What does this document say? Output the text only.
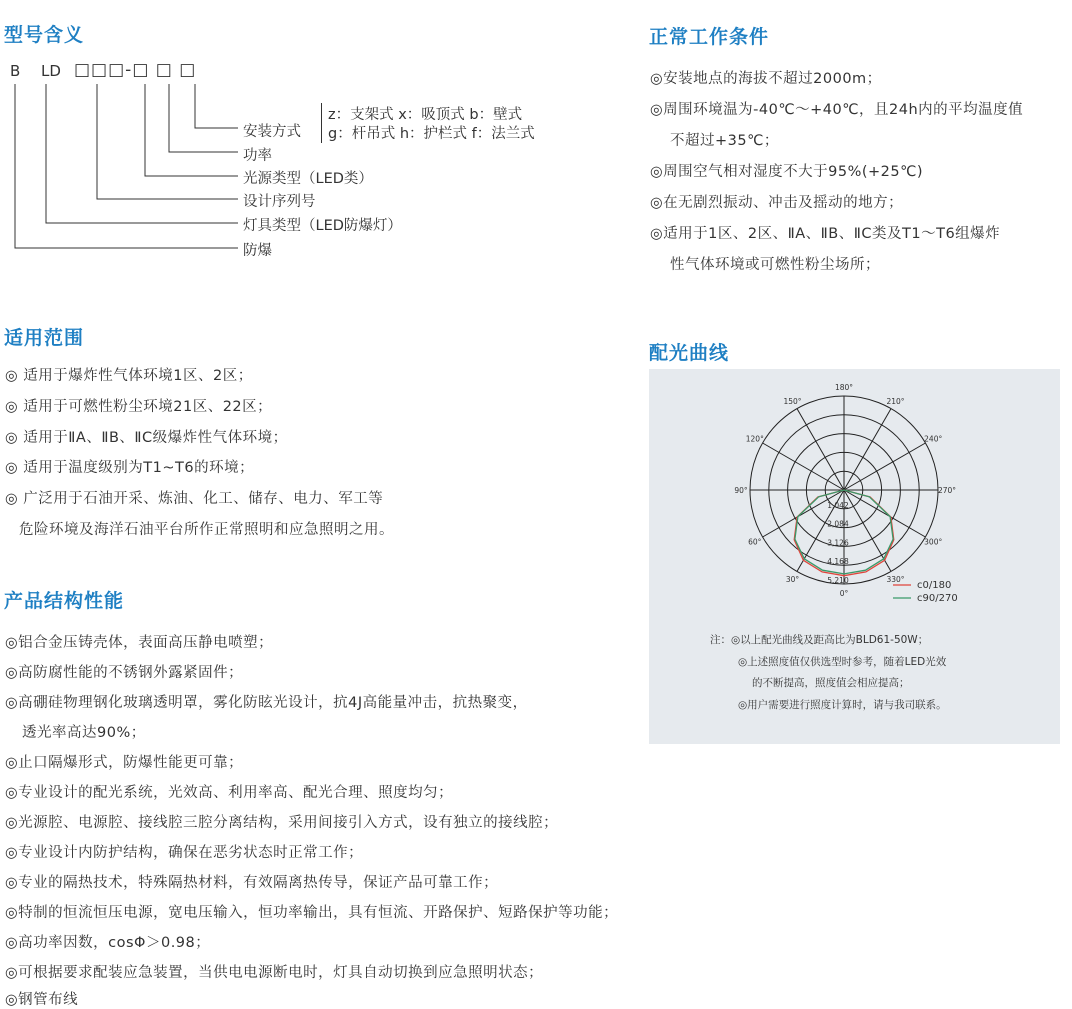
型号含义
B LD □□□-□ □ □
安装方式
z：支架式 x：吸顶式 b：壁式
g：杆吊式 h：护栏式 f：法兰式
功率
光源类型（LED类）
设计序列号
灯具类型（LED防爆灯）
防爆
适用范围
◎ 适用于爆炸性气体环境1区、2区；
◎ 适用于可燃性粉尘环境21区、22区；
◎ 适用于ⅡA、ⅡB、ⅡC级爆炸性气体环境；
◎ 适用于温度级别为T1~T6的环境；
◎ 广泛用于石油开采、炼油、化工、储存、电力、军工等
危险环境及海洋石油平台所作正常照明和应急照明之用。
产品结构性能
◎铝合金压铸壳体，表面高压静电喷塑；
◎高防腐性能的不锈钢外露紧固件；
◎高硼硅物理钢化玻璃透明罩，雾化防眩光设计，抗4J高能量冲击，抗热聚变，
透光率高达90%；
◎止口隔爆形式，防爆性能更可靠；
◎专业设计的配光系统，光效高、利用率高、配光合理、照度均匀；
◎光源腔、电源腔、接线腔三腔分离结构，采用间接引入方式，设有独立的接线腔；
◎专业设计内防护结构，确保在恶劣状态时正常工作；
◎专业的隔热技术，特殊隔热材料，有效隔离热传导，保证产品可靠工作；
◎特制的恒流恒压电源，宽电压输入，恒功率输出，具有恒流、开路保护、短路保护等功能；
◎高功率因数，cosΦ＞0.98；
◎可根据要求配装应急装置，当供电电源断电时，灯具自动切换到应急照明状态；
◎钢管布线
正常工作条件
◎安装地点的海拔不超过2000m；
◎周围环境温为-40℃～+40℃，且24h内的平均温度值
不超过+35℃；
◎周围空气相对湿度不大于95%(+25℃)
◎在无剧烈振动、冲击及摇动的地方；
◎适用于1区、2区、ⅡA、ⅡB、ⅡC类及T1～T6组爆炸
性气体环境或可燃性粉尘场所；
配光曲线
180°
150°
120°
90°
60°
30°
0°
330°
300°
270°
240°
210°
1,042
2,084
3,126
4,168
5,210	c0/180
c90/270
注：◎以上配光曲线及距高比为BLD61-50W；
◎上述照度值仅供选型时参考，随着LED光效
的不断提高，照度值会相应提高；
◎用户需要进行照度计算时，请与我司联系。
